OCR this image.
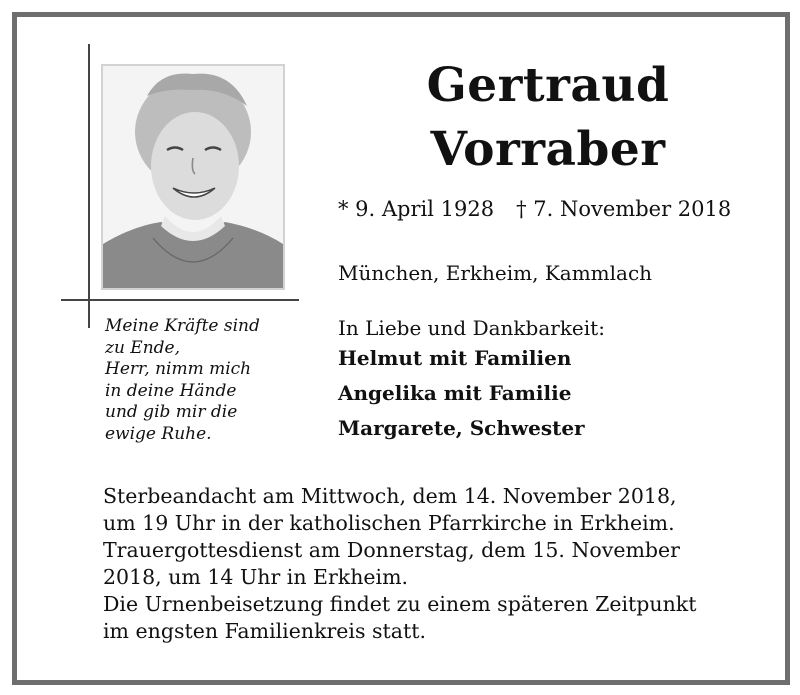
Gertraud
Vorraber

* 9. April 1928 † 7. November 2018

München, Erkheim, Kammlach

In Liebe und Dankbarkeit:

Helmut mit Familien

Angelika mit Familie

Margarete, Schwester

Meine Kräfte sind
zu Ende,
Herr, nimm mich
in deine Hände
und gib mir die
ewige Ruhe.

Sterbeandacht am Mittwoch, dem 14. November 2018,
um 19 Uhr in der katholischen Pfarrkirche in Erkheim.
Trauergottesdienst am Donnerstag, dem 15. November
2018, um 14 Uhr in Erkheim.
Die Urnenbeisetzung findet zu einem späteren Zeitpunkt
im engsten Familienkreis statt.
